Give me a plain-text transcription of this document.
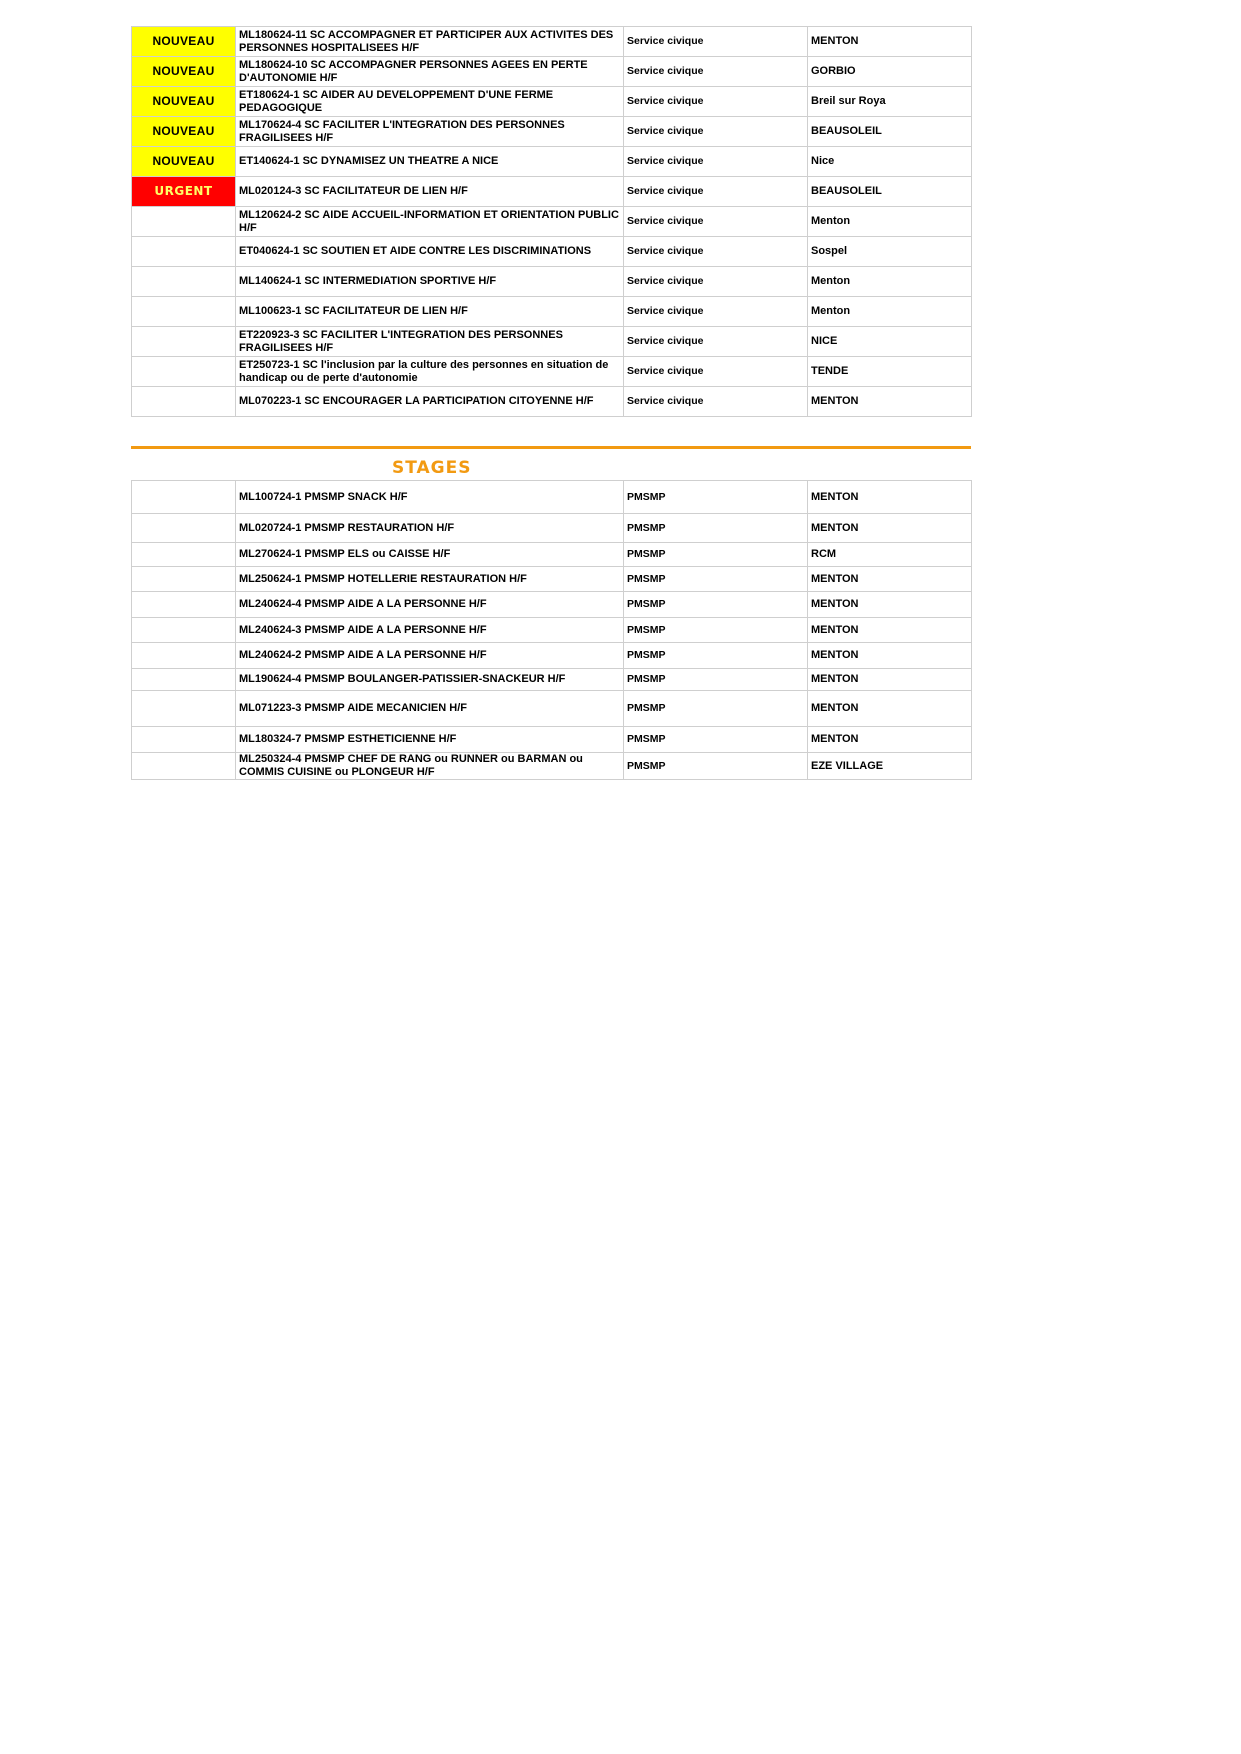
NOUVEAU	ML180624-11 SC ACCOMPAGNER ET PARTICIPER AUX ACTIVITES DES PERSONNES HOSPITALISEES H/F	Service civique	MENTON

NOUVEAU	ML180624-10 SC ACCOMPAGNER PERSONNES AGEES EN PERTE D'AUTONOMIE H/F	Service civique	GORBIO

NOUVEAU	ET180624-1 SC AIDER AU DEVELOPPEMENT D'UNE FERME PEDAGOGIQUE	Service civique	Breil sur Roya

NOUVEAU	ML170624-4 SC FACILITER L'INTEGRATION DES PERSONNES FRAGILISEES H/F	Service civique	BEAUSOLEIL

NOUVEAU	ET140624-1 SC DYNAMISEZ UN THEATRE A NICE	Service civique	Nice

URGENT	ML020124-3 SC FACILITATEUR DE LIEN H/F	Service civique	BEAUSOLEIL
	ML120624-2 SC AIDE ACCUEIL-INFORMATION ET ORIENTATION PUBLIC H/F	Service civique	Menton
	ET040624-1 SC SOUTIEN ET AIDE CONTRE LES DISCRIMINATIONS	Service civique	Sospel
	ML140624-1 SC INTERMEDIATION SPORTIVE H/F	Service civique	Menton
	ML100623-1 SC FACILITATEUR DE LIEN H/F	Service civique	Menton
	ET220923-3 SC FACILITER L'INTEGRATION DES PERSONNES FRAGILISEES H/F	Service civique	NICE
	ET250723-1 SC l'inclusion par la culture des personnes en situation de handicap ou de perte d'autonomie	Service civique	TENDE
	ML070223-1 SC ENCOURAGER LA PARTICIPATION CITOYENNE H/F	Service civique	MENTON
STAGES
	ML100724-1 PMSMP SNACK H/F	PMSMP	MENTON
	ML020724-1 PMSMP RESTAURATION H/F	PMSMP	MENTON
	ML270624-1 PMSMP ELS ou CAISSE H/F	PMSMP	RCM
	ML250624-1 PMSMP HOTELLERIE RESTAURATION H/F	PMSMP	MENTON
	ML240624-4 PMSMP AIDE A LA PERSONNE H/F	PMSMP	MENTON
	ML240624-3 PMSMP AIDE A LA PERSONNE H/F	PMSMP	MENTON
	ML240624-2 PMSMP AIDE A LA PERSONNE H/F	PMSMP	MENTON
	ML190624-4 PMSMP BOULANGER-PATISSIER-SNACKEUR H/F	PMSMP	MENTON
	ML071223-3 PMSMP AIDE MECANICIEN H/F	PMSMP	MENTON
	ML180324-7 PMSMP ESTHETICIENNE H/F	PMSMP	MENTON
	ML250324-4 PMSMP CHEF DE RANG ou RUNNER ou BARMAN ou COMMIS CUISINE ou PLONGEUR H/F	PMSMP	EZE VILLAGE
